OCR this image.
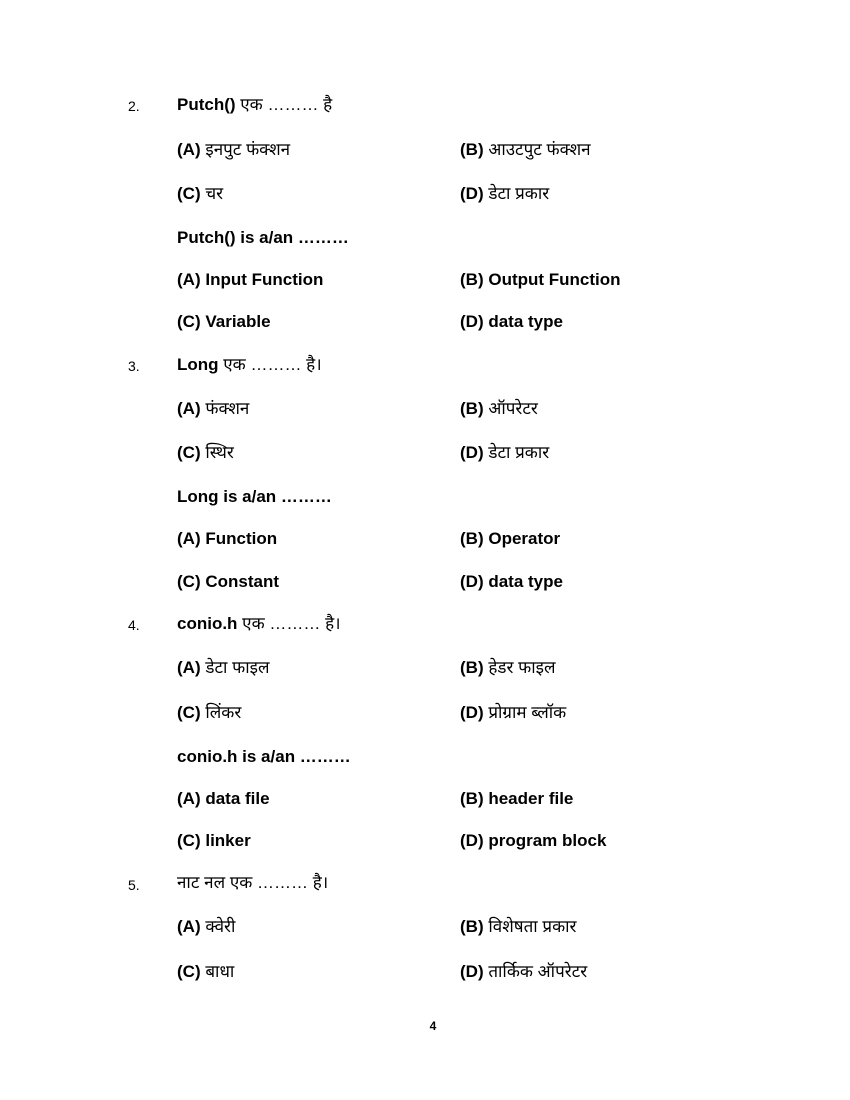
2. Putch() एक ……… है
(A) इनपुट फंक्शन	(B) आउटपुट फंक्शन
(C) चर	(D) डेटा प्रकार
Putch() is a/an ………
(A) Input Function	(B) Output Function
(C) Variable	(D) data type
3. Long एक ……… है।
(A) फंक्शन	(B) ऑपरेटर
(C) स्थिर	(D) डेटा प्रकार
Long is a/an ………
(A) Function	(B) Operator
(C) Constant	(D) data type
4. conio.h एक ……… है।
(A) डेटा फाइल	(B) हेडर फाइल
(C) लिंकर	(D) प्रोग्राम ब्लॉक
conio.h is a/an ………
(A) data file	(B) header file
(C) linker	(D) program block
5. नाट नल एक ……… है।
(A) क्वेरी	(B) विशेषता प्रकार
(C) बाधा	(D) तार्किक ऑपरेटर
4
